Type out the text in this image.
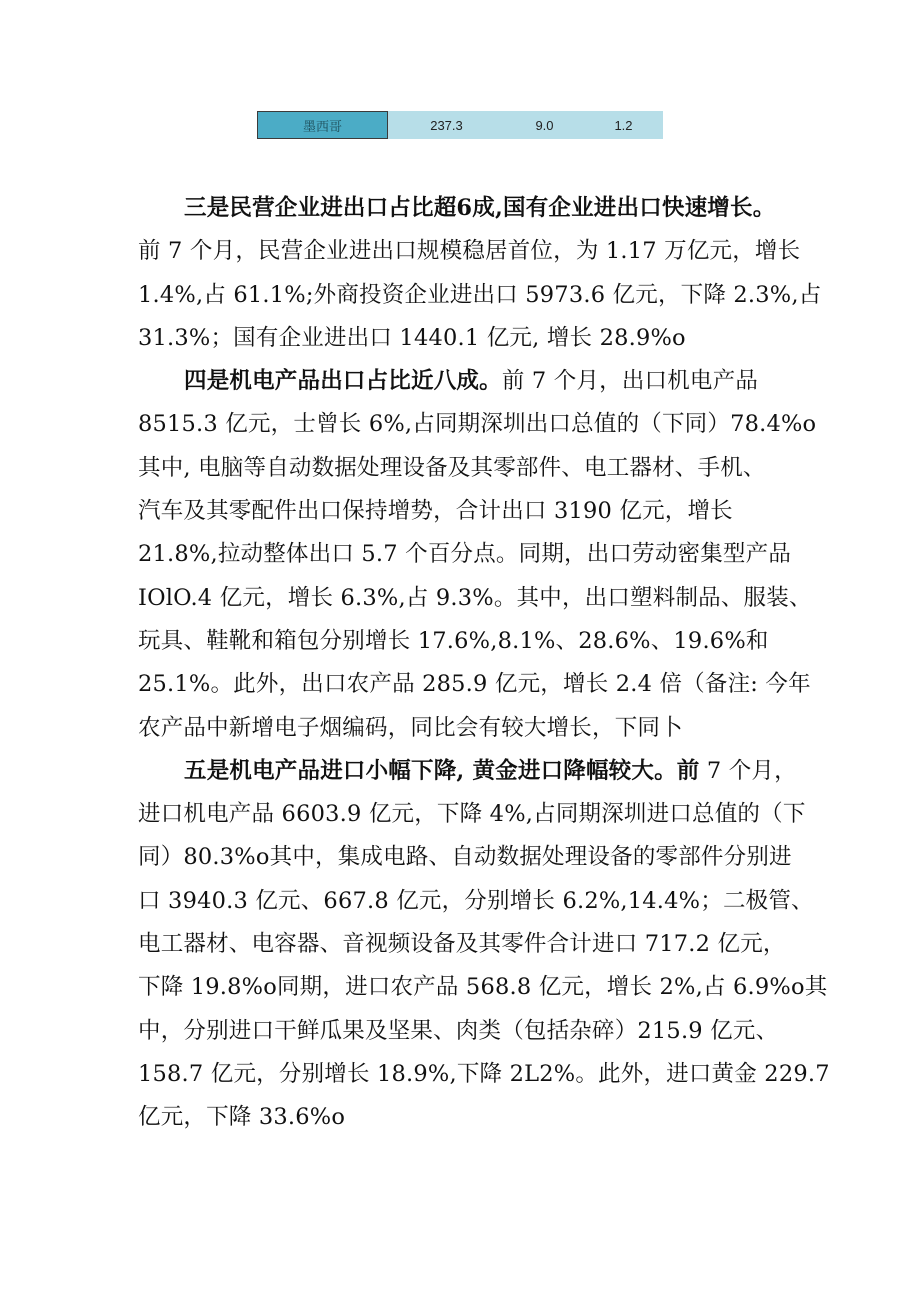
墨西哥	237.3	9.0	1.2
三是民营企业进出口占比超6成,国有企业进出口快速增长。
前 7 个月，民营企业进出口规模稳居首位，为 1.17 万亿元，增长
1.4%,占 61.1%;外商投资企业进出口 5973.6 亿元，下降 2.3%,占
31.3%；国有企业进出口 1440.1 亿元, 增长 28.9%o
四是机电产品出口占比近八成。前 7 个月，出口机电产品
8515.3 亿元，士曾长 6%,占同期深圳出口总值的（下同）78.4%o
其中, 电脑等自动数据处理设备及其零部件、电工器材、手机、
汽车及其零配件出口保持增势，合计出口 3190 亿元，增长
21.8%,拉动整体出口 5.7 个百分点。同期，出口劳动密集型产品
IOlO.4 亿元，增长 6.3%,占 9.3%。其中，出口塑料制品、服装、
玩具、鞋靴和箱包分别增长 17.6%,8.1%、28.6%、19.6%和
25.1%。此外，出口农产品 285.9 亿元，增长 2.4 倍（备注: 今年
农产品中新增电子烟编码，同比会有较大增长，下同卜
五是机电产品进口小幅下降, 黄金进口降幅较大。前 7 个月，
进口机电产品 6603.9 亿元，下降 4%,占同期深圳进口总值的（下
同）80.3%o其中，集成电路、自动数据处理设备的零部件分别进
口 3940.3 亿元、667.8 亿元，分别增长 6.2%,14.4%；二极管、
电工器材、电容器、音视频设备及其零件合计进口 717.2 亿元，
下降 19.8%o同期，进口农产品 568.8 亿元，增长 2%,占 6.9%o其
中，分别进口干鲜瓜果及坚果、肉类（包括杂碎）215.9 亿元、
158.7 亿元，分别增长 18.9%,下降 2L2%。此外，进口黄金 229.7
亿元，下降 33.6%o
